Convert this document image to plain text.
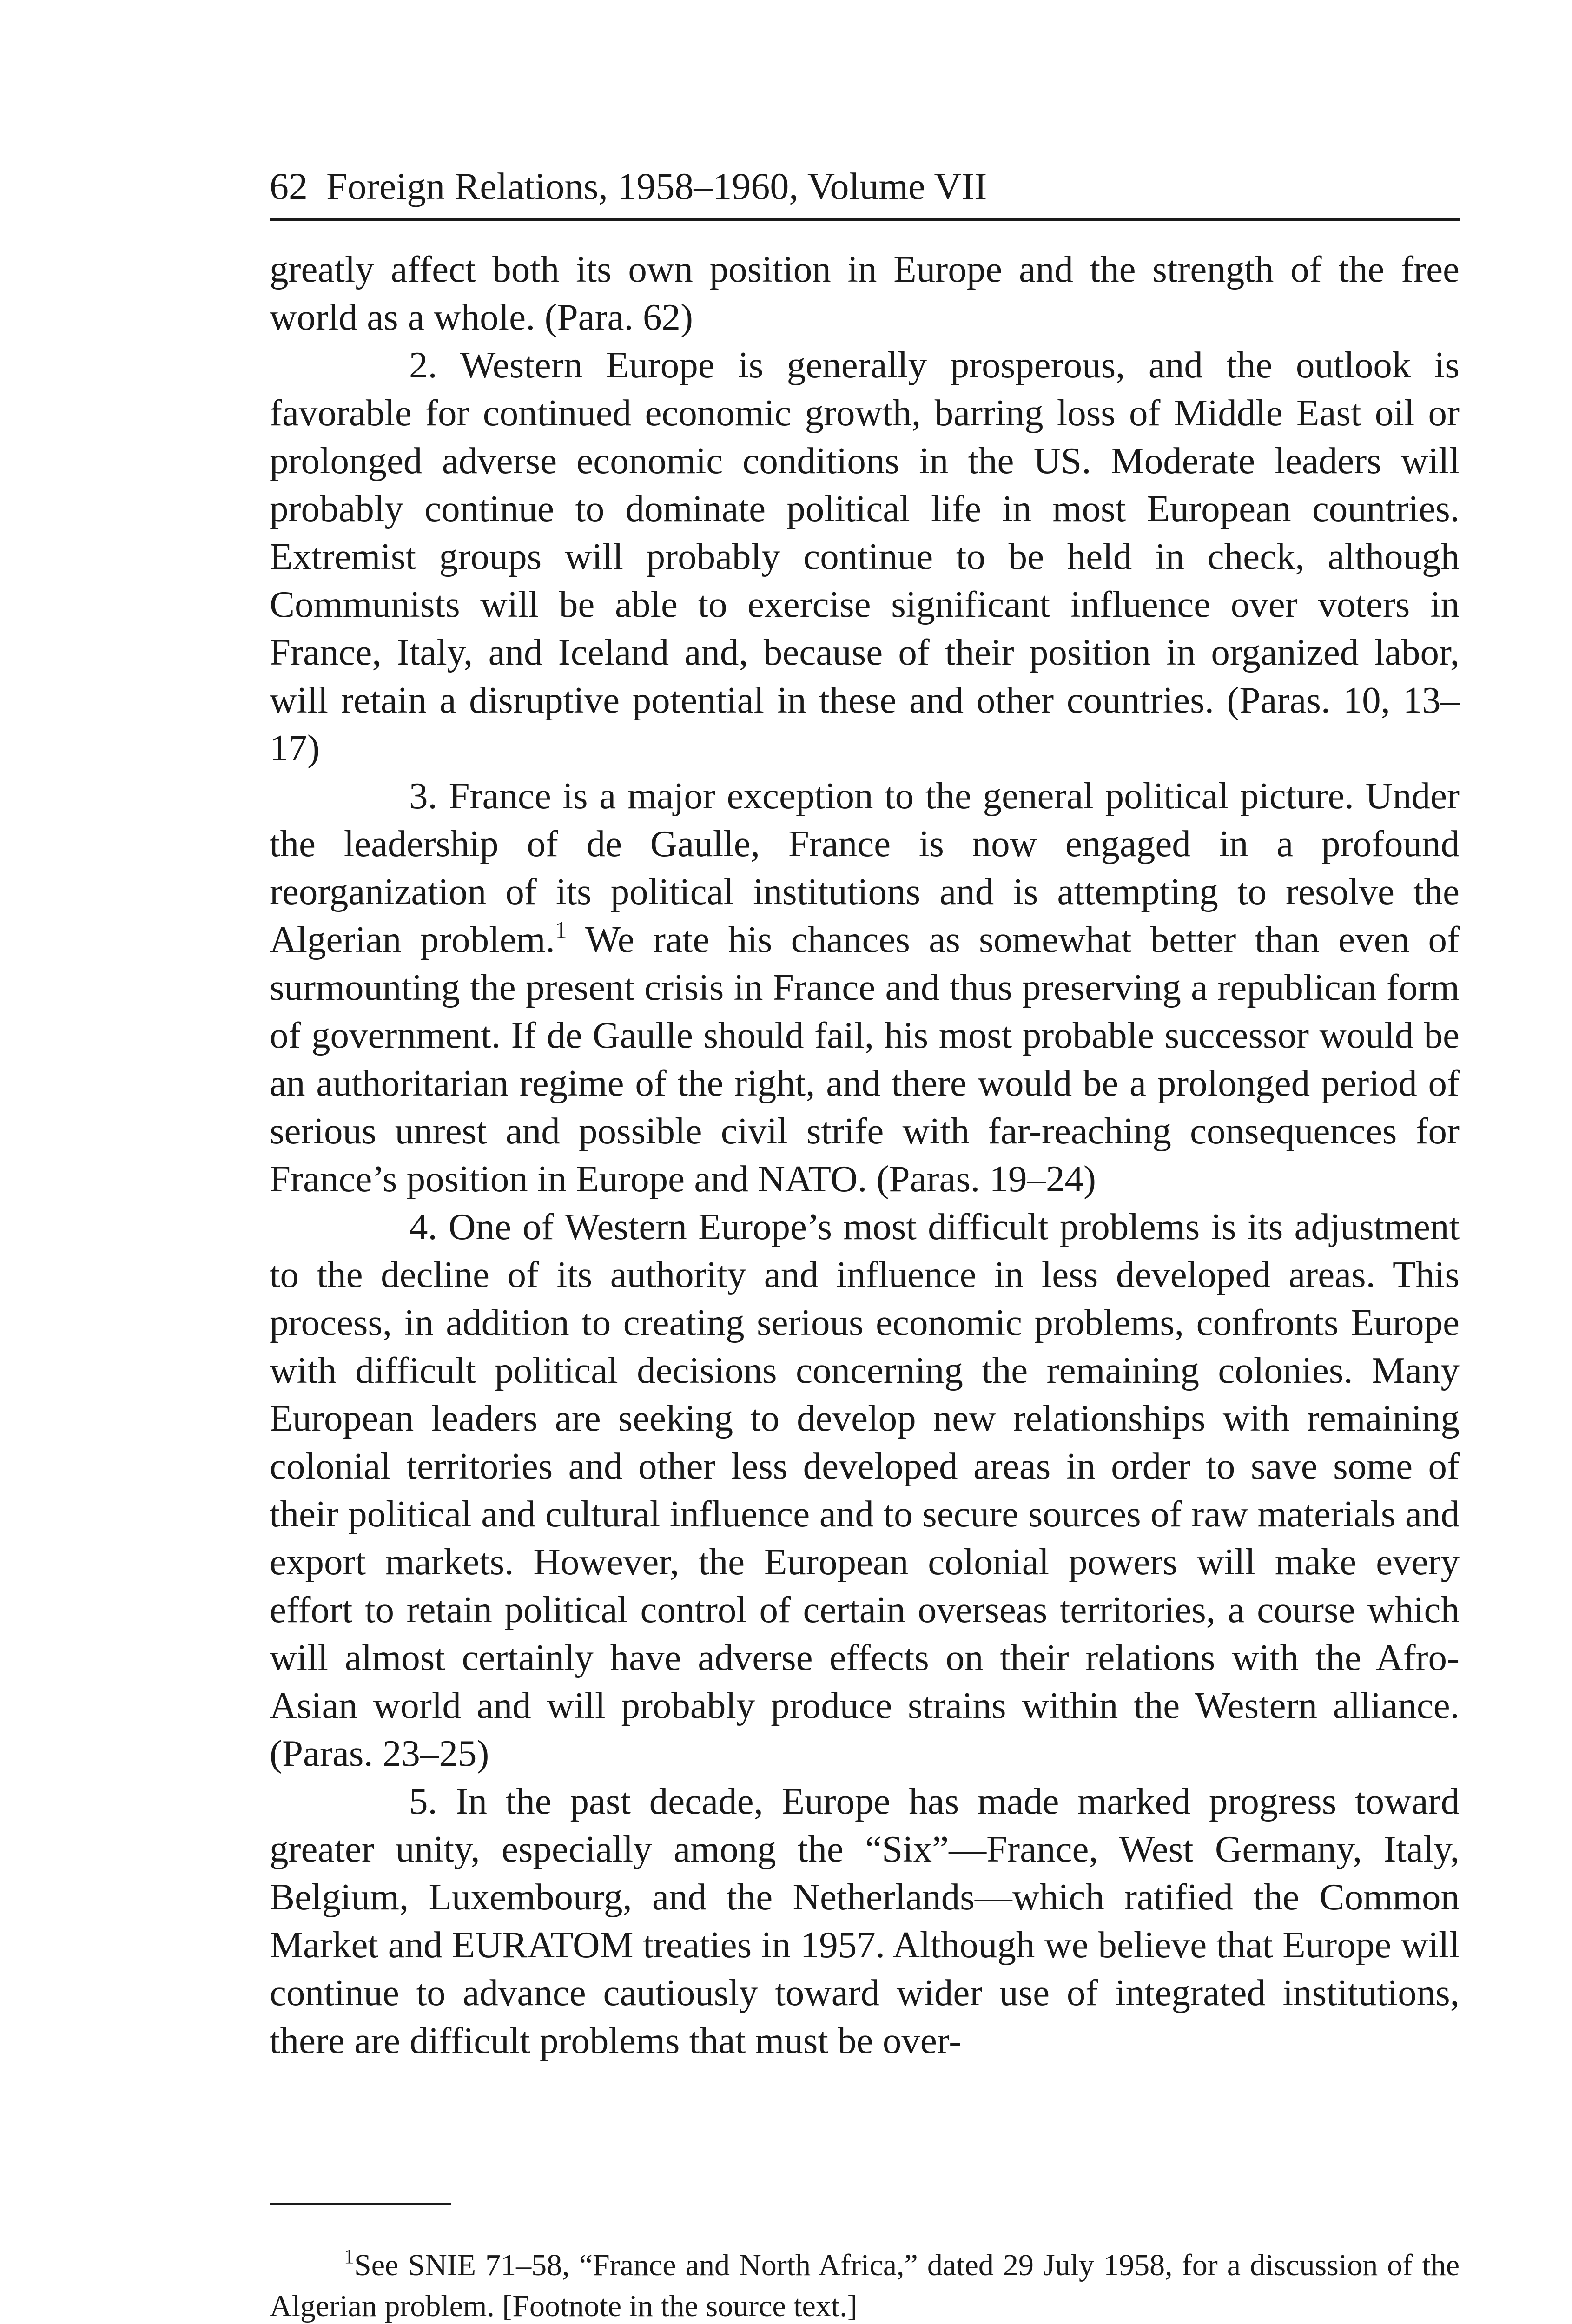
62 Foreign Relations, 1958–1960, Volume VII

greatly affect both its own position in Europe and the strength of the free world as a whole. (Para. 62)

2. Western Europe is generally prosperous, and the outlook is favorable for continued economic growth, barring loss of Middle East oil or prolonged adverse economic conditions in the US. Moderate leaders will probably continue to dominate political life in most European countries. Extremist groups will probably continue to be held in check, although Communists will be able to exercise significant influence over voters in France, Italy, and Iceland and, because of their position in organized labor, will retain a disruptive potential in these and other countries. (Paras. 10, 13–17)

3. France is a major exception to the general political picture. Under the leadership of de Gaulle, France is now engaged in a profound reorganization of its political institutions and is attempting to resolve the Algerian problem.$^1$ We rate his chances as somewhat better than even of surmounting the present crisis in France and thus preserving a republican form of government. If de Gaulle should fail, his most probable successor would be an authoritarian regime of the right, and there would be a prolonged period of serious unrest and possible civil strife with far-reaching consequences for France’s position in Europe and NATO. (Paras. 19–24)

4. One of Western Europe’s most difficult problems is its adjustment to the decline of its authority and influence in less developed areas. This process, in addition to creating serious economic problems, confronts Europe with difficult political decisions concerning the remaining colonies. Many European leaders are seeking to develop new relationships with remaining colonial territories and other less developed areas in order to save some of their political and cultural influence and to secure sources of raw materials and export markets. However, the European colonial powers will make every effort to retain political control of certain overseas territories, a course which will almost certainly have adverse effects on their relations with the Afro-Asian world and will probably produce strains within the Western alliance. (Paras. 23–25)

5. In the past decade, Europe has made marked progress toward greater unity, especially among the “Six”—France, West Germany, Italy, Belgium, Luxembourg, and the Netherlands—which ratified the Common Market and EURATOM treaties in 1957. Although we believe that Europe will continue to advance cautiously toward wider use of integrated institutions, there are difficult problems that must be over-

$^1$See SNIE 71–58, “France and North Africa,” dated 29 July 1958, for a discussion of the Algerian problem. [Footnote in the source text.]
